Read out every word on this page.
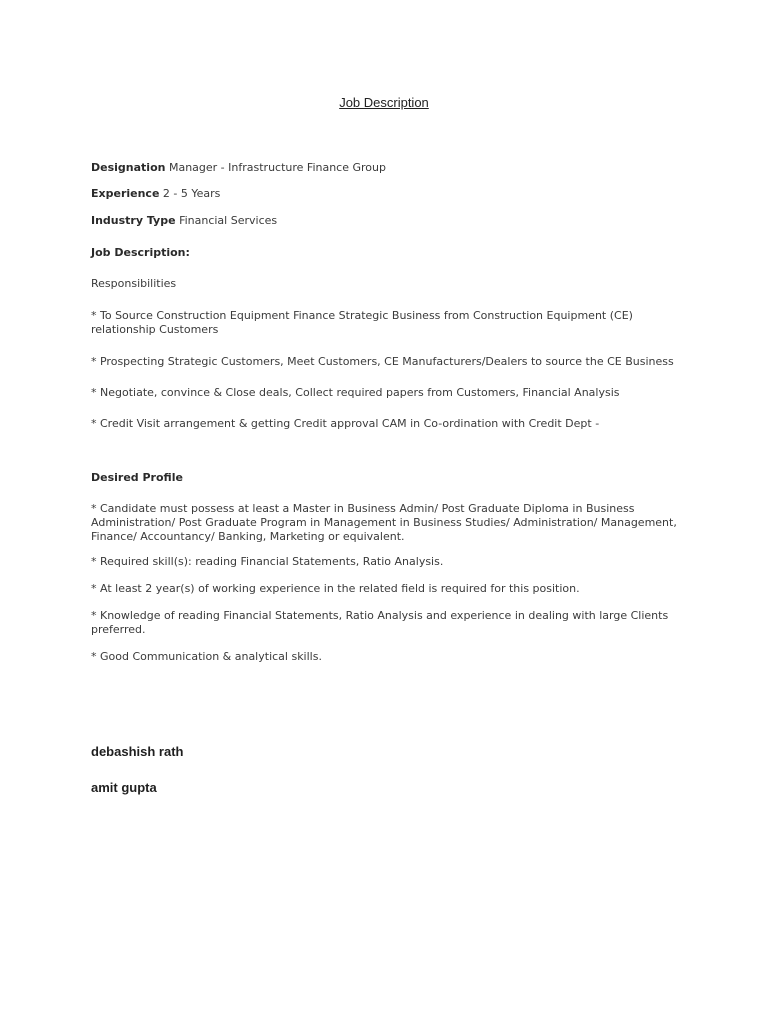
Job Description
Designation Manager - Infrastructure Finance Group
Experience 2 - 5 Years
Industry Type Financial Services
Job Description:
Responsibilities
* To Source Construction Equipment Finance Strategic Business from Construction Equipment (CE) relationship Customers
* Prospecting Strategic Customers, Meet Customers, CE Manufacturers/Dealers to source the CE Business
* Negotiate, convince & Close deals, Collect required papers from Customers, Financial Analysis
* Credit Visit arrangement & getting Credit approval CAM in Co-ordination with Credit Dept -
Desired Profile
* Candidate must possess at least a Master in Business Admin/ Post Graduate Diploma in Business Administration/ Post Graduate Program in Management in Business Studies/ Administration/ Management, Finance/ Accountancy/ Banking, Marketing or equivalent.
* Required skill(s): reading Financial Statements, Ratio Analysis.
* At least 2 year(s) of working experience in the related field is required for this position.
* Knowledge of reading Financial Statements, Ratio Analysis and experience in dealing with large Clients preferred.
* Good Communication & analytical skills.
debashish rath
amit gupta
